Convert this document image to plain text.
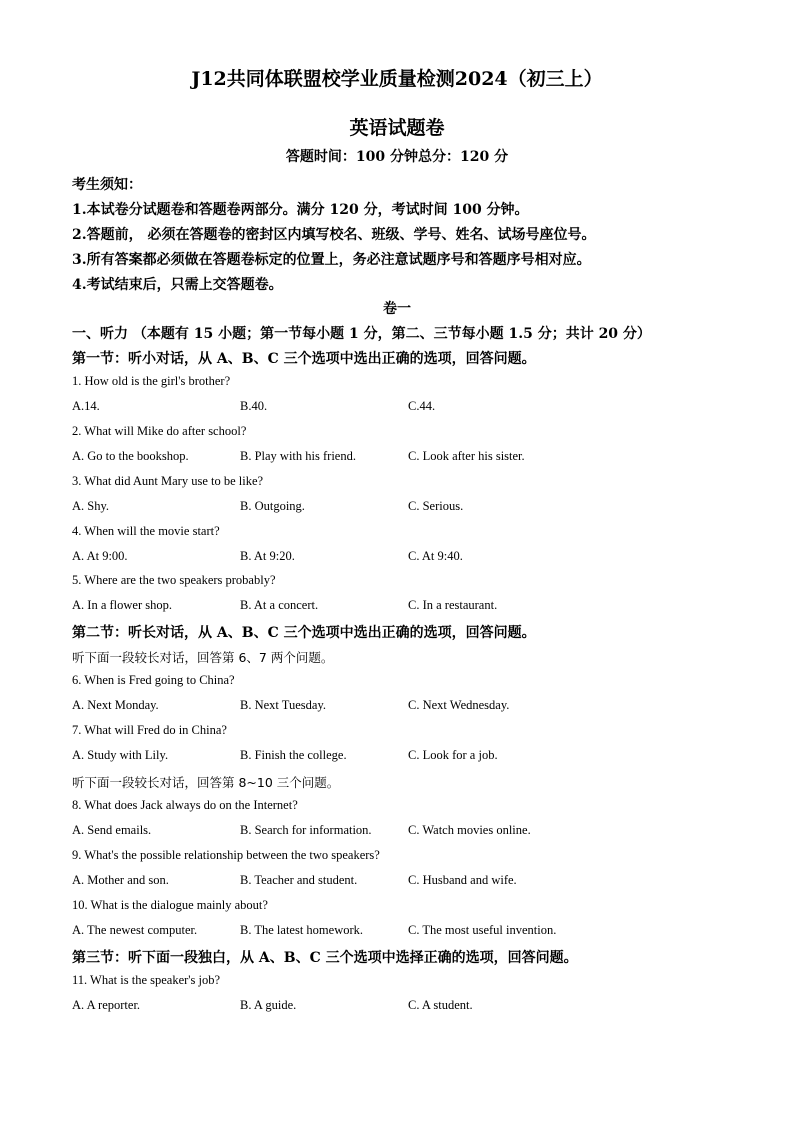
J12共同体联盟校学业质量检测2024（初三上）
英语试题卷
答题时间：100 分钟总分：120 分
考生须知：
1.本试卷分试题卷和答题卷两部分。满分 120 分，考试时间 100 分钟。
2.答题前， 必须在答题卷的密封区内填写校名、班级、学号、姓名、试场号座位号。
3.所有答案都必须做在答题卷标定的位置上，务必注意试题序号和答题序号相对应。
4.考试结束后，只需上交答题卷。
卷一
一、听力 （本题有 15 小题；第一节每小题 1 分，第二、三节每小题 1.5 分；共计 20 分）
第一节：听小对话，从 A、B、C 三个选项中选出正确的选项，回答问题。
1. How old is the girl's brother?
A.14.	B.40.	C.44.
2. What will Mike do after school?
A. Go to the bookshop.	B. Play with his friend.	C. Look after his sister.
3. What did Aunt Mary use to be like?
A. Shy.	B. Outgoing.	C. Serious.
4. When will the movie start?
A. At 9:00.	B. At 9:20.	C. At 9:40.
5. Where are the two speakers probably?
A. In a flower shop.	B. At a concert.	C. In a restaurant.
第二节：听长对话，从 A、B、C 三个选项中选出正确的选项，回答问题。
听下面一段较长对话，回答第 6、7 两个问题。
6. When is Fred going to China?
A. Next Monday.	B. Next Tuesday.	C. Next Wednesday.
7. What will Fred do in China?
A. Study with Lily.	B. Finish the college.	C. Look for a job.
听下面一段较长对话，回答第 8~10 三个问题。
8. What does Jack always do on the Internet?
A. Send emails.	B. Search for information.	C. Watch movies online.
9. What's the possible relationship between the two speakers?
A. Mother and son.	B. Teacher and student.	C. Husband and wife.
10. What is the dialogue mainly about?
A. The newest computer.	B. The latest homework.	C. The most useful invention.
第三节：听下面一段独白，从 A、B、C 三个选项中选择正确的选项，回答问题。
11. What is the speaker's job?
A. A reporter.	B. A guide.	C. A student.
